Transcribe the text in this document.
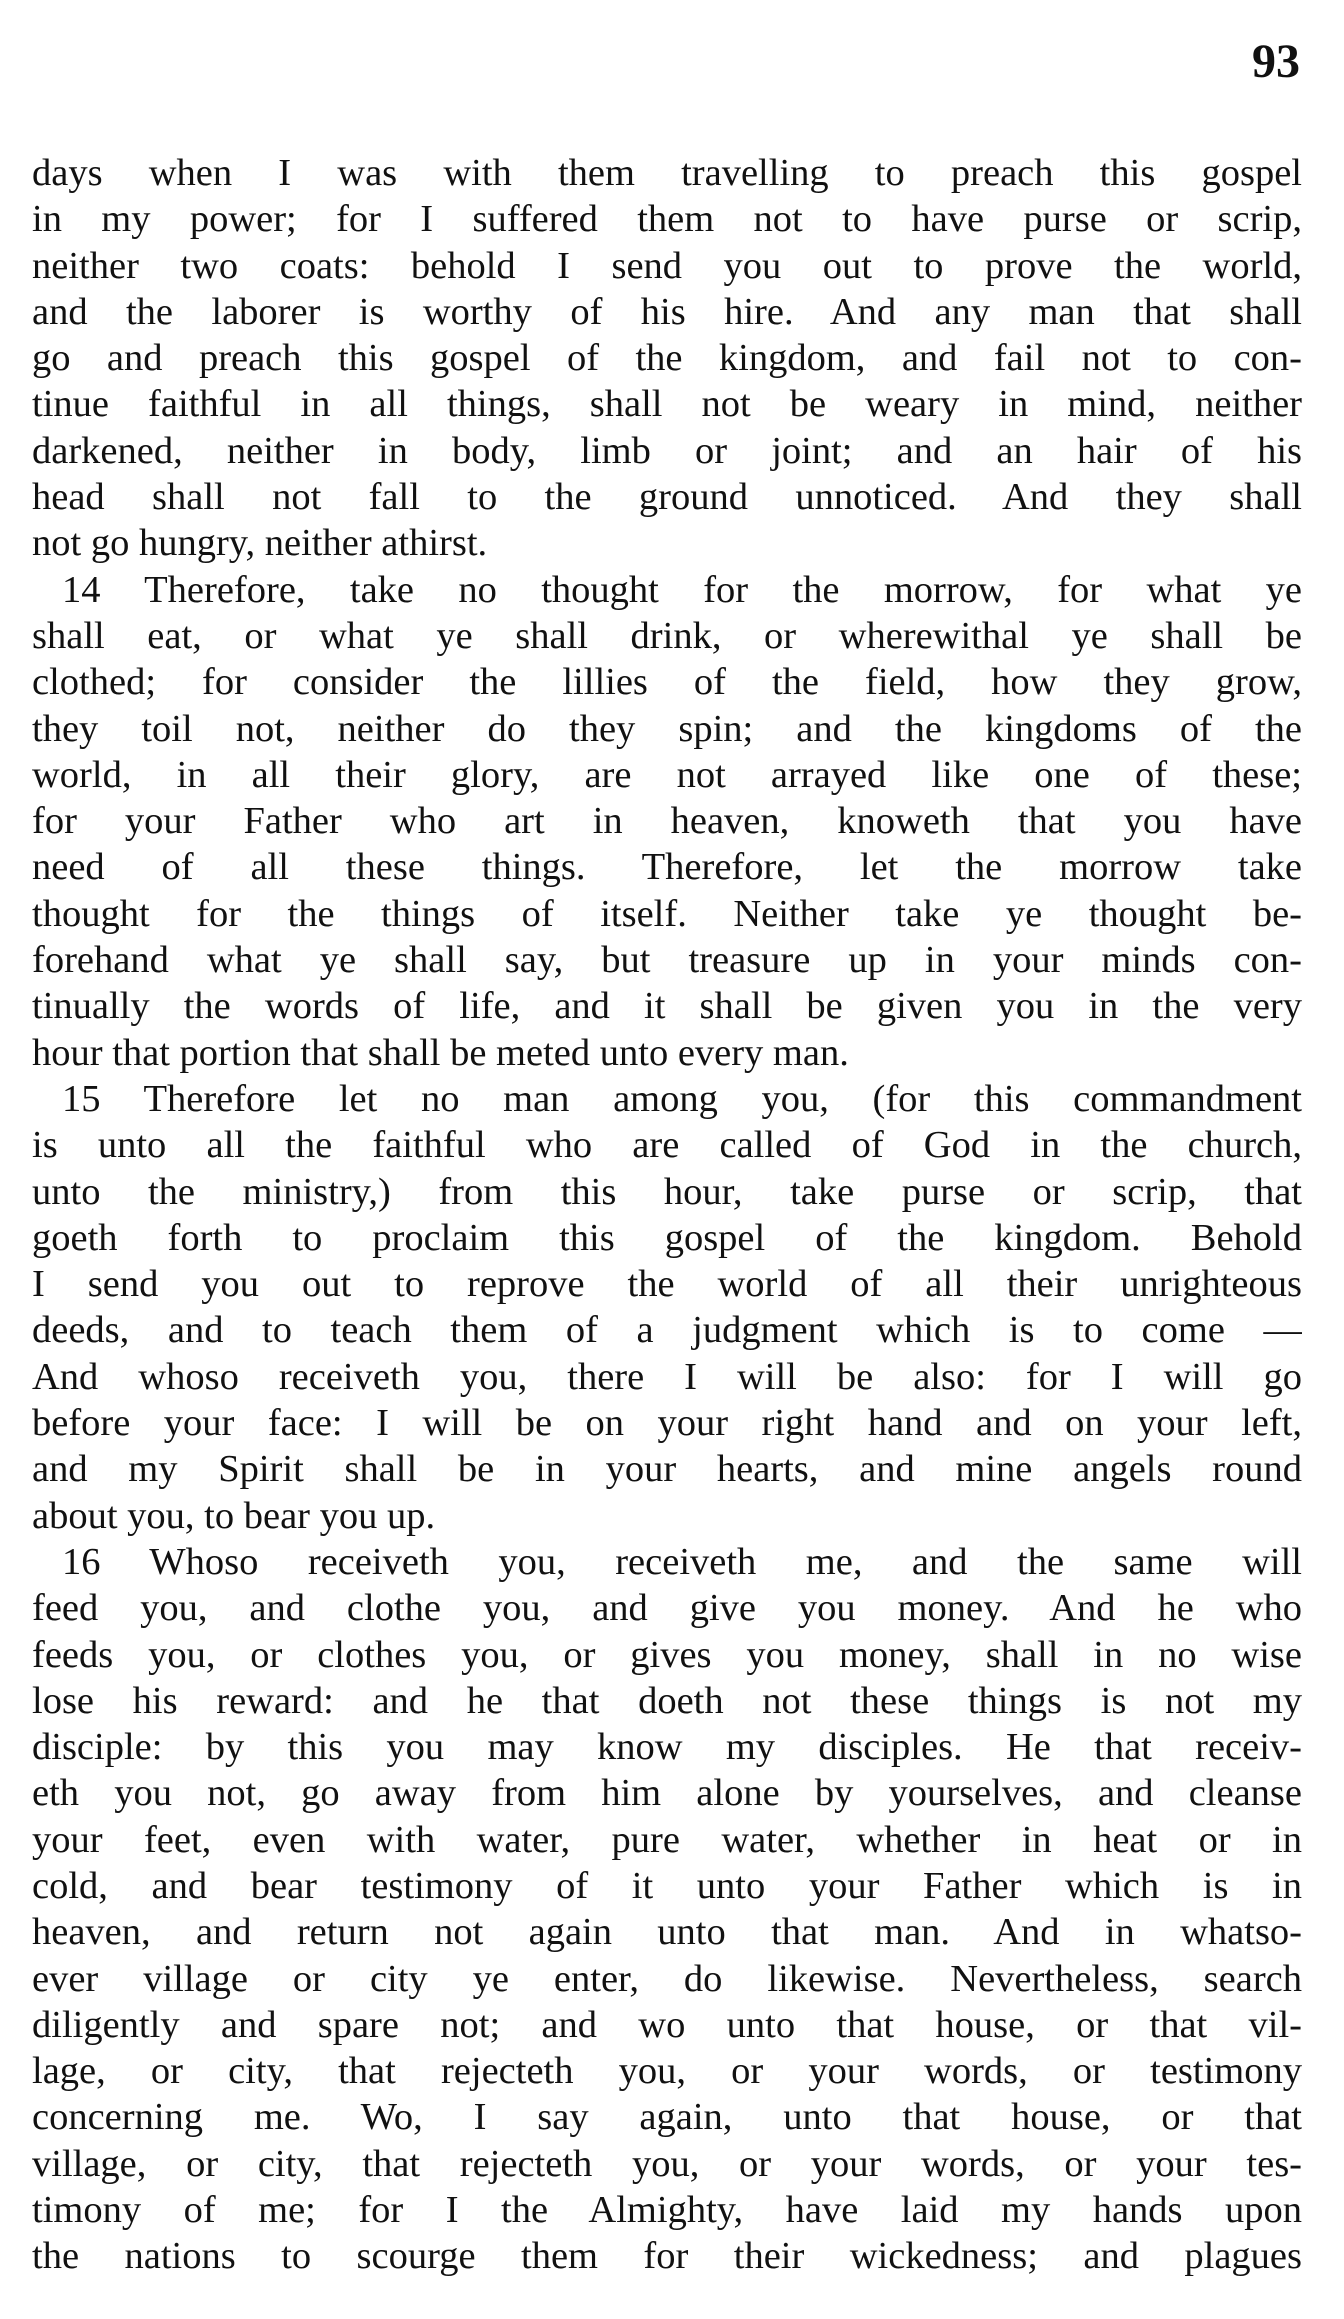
93
days when I was with them travelling to preach this gospel
in my power; for I suffered them not to have purse or scrip,
neither two coats: behold I send you out to prove the world,
and the laborer is worthy of his hire. And any man that shall
go and preach this gospel of the kingdom, and fail not to con-
tinue faithful in all things, shall not be weary in mind, neither
darkened, neither in body, limb or joint; and an hair of his
head shall not fall to the ground unnoticed. And they shall
not go hungry, neither athirst.
14 Therefore, take no thought for the morrow, for what ye
shall eat, or what ye shall drink, or wherewithal ye shall be
clothed; for consider the lillies of the field, how they grow,
they toil not, neither do they spin; and the kingdoms of the
world, in all their glory, are not arrayed like one of these;
for your Father who art in heaven, knoweth that you have
need of all these things. Therefore, let the morrow take
thought for the things of itself. Neither take ye thought be-
forehand what ye shall say, but treasure up in your minds con-
tinually the words of life, and it shall be given you in the very
hour that portion that shall be meted unto every man.
15 Therefore let no man among you, (for this commandment
is unto all the faithful who are called of God in the church,
unto the ministry,) from this hour, take purse or scrip, that
goeth forth to proclaim this gospel of the kingdom. Behold
I send you out to reprove the world of all their unrighteous
deeds, and to teach them of a judgment which is to come —
And whoso receiveth you, there I will be also: for I will go
before your face: I will be on your right hand and on your left,
and my Spirit shall be in your hearts, and mine angels round
about you, to bear you up.
16 Whoso receiveth you, receiveth me, and the same will
feed you, and clothe you, and give you money. And he who
feeds you, or clothes you, or gives you money, shall in no wise
lose his reward: and he that doeth not these things is not my
disciple: by this you may know my disciples. He that receiv-
eth you not, go away from him alone by yourselves, and cleanse
your feet, even with water, pure water, whether in heat or in
cold, and bear testimony of it unto your Father which is in
heaven, and return not again unto that man. And in whatso-
ever village or city ye enter, do likewise. Nevertheless, search
diligently and spare not; and wo unto that house, or that vil-
lage, or city, that rejecteth you, or your words, or testimony
concerning me. Wo, I say again, unto that house, or that
village, or city, that rejecteth you, or your words, or your tes-
timony of me; for I the Almighty, have laid my hands upon
the nations to scourge them for their wickedness; and plagues
